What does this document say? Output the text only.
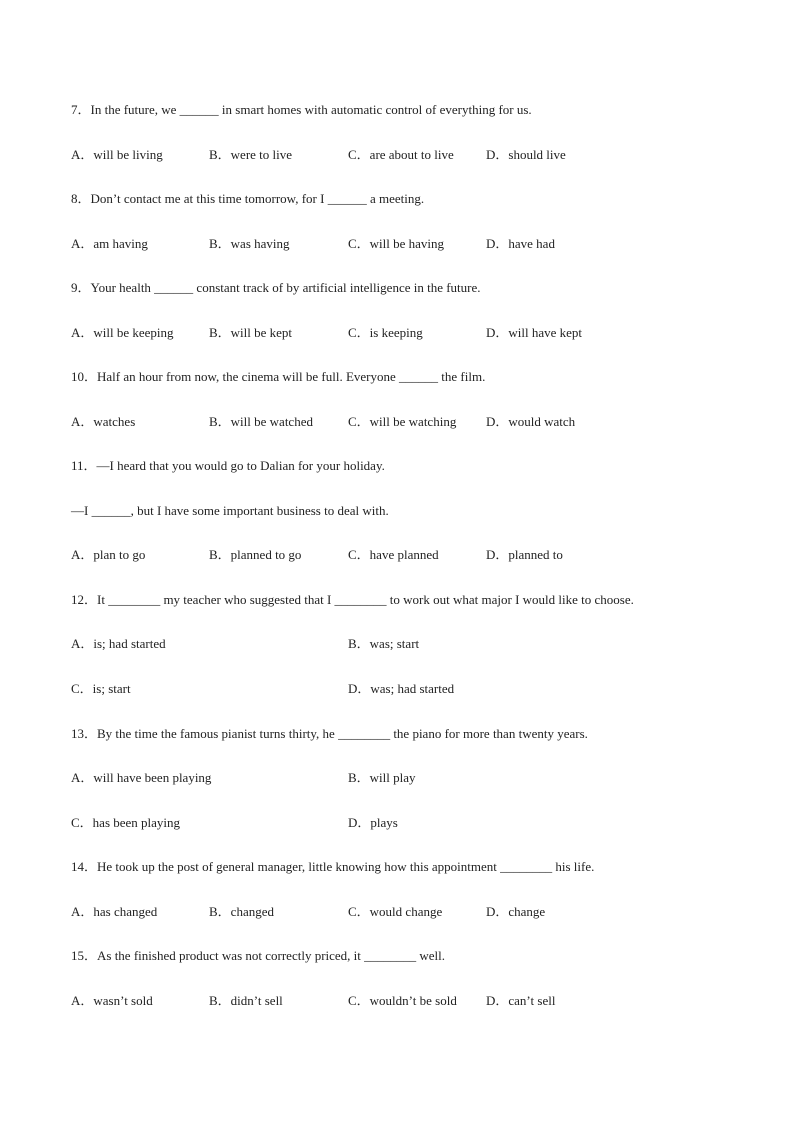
7．In the future, we ______ in smart homes with automatic control of everything for us.
A．will be living	B．were to live	C．are about to live D．should live
8．Don’t contact me at this time tomorrow, for I ______ a meeting.
A．am having	B．was having	C．will be having	D．have had
9．Your health ______ constant track of by artificial intelligence in the future.
A．will be keeping	B．will be kept	C．is keeping	D．will have kept
10．Half an hour from now, the cinema will be full. Everyone ______ the film.
A．watches	B．will be watched	C．will be watching D．would watch
11．—I heard that you would go to Dalian for your holiday.
—I ______, but I have some important business to deal with.
A．plan to go	B．planned to go	C．have planned	D．planned to
12．It ________ my teacher who suggested that I ________ to work out what major I would like to choose.
A．is; had started	B．was; start
C．is; start	D．was; had started
13．By the time the famous pianist turns thirty, he ________ the piano for more than twenty years.
A．will have been playing	B．will play
C．has been playing	D．plays
14．He took up the post of general manager, little knowing how this appointment ________ his life.
A．has changed	B．changed	C．would change	D．change
15．As the finished product was not correctly priced, it ________ well.
A．wasn’t sold	B．didn’t sell	C．wouldn’t be sold D．can’t sell
